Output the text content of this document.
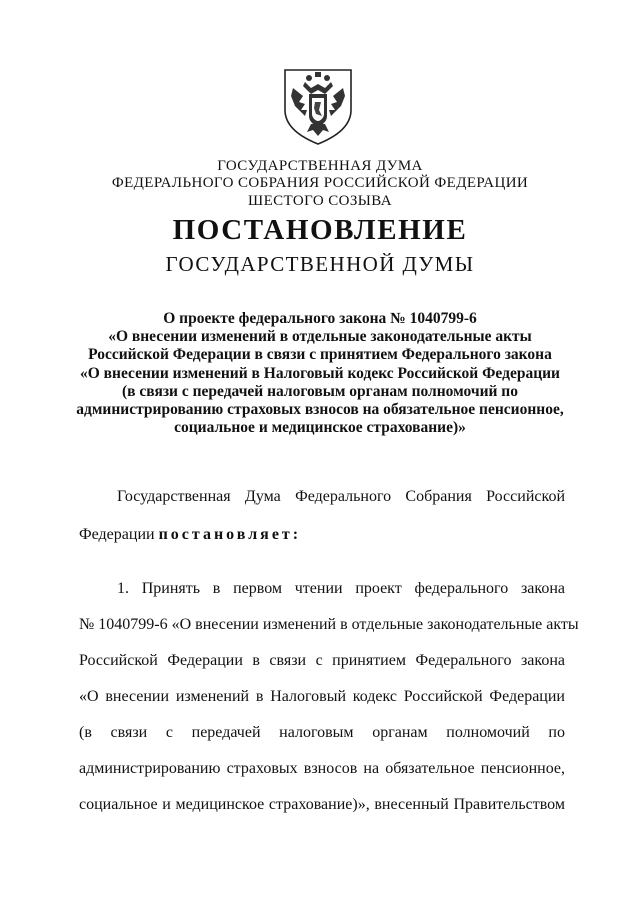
ГОСУДАРСТВЕННАЯ ДУМА
ФЕДЕРАЛЬНОГО СОБРАНИЯ РОССИЙСКОЙ ФЕДЕРАЦИИ
ШЕСТОГО СОЗЫВА
ПОСТАНОВЛЕНИЕ
ГОСУДАРСТВЕННОЙ ДУМЫ
О проекте федерального закона № 1040799-6
«О внесении изменений в отдельные законодательные акты
Российской Федерации в связи с принятием Федерального закона
«О внесении изменений в Налоговый кодекс Российской Федерации
(в связи с передачей налоговым органам полномочий по
администрированию страховых взносов на обязательное пенсионное,
социальное и медицинское страхование)»
Государственная Дума Федерального Собрания Российской
Федерации постановляет:
1. Принять в первом чтении проект федерального закона
№ 1040799-6 «О внесении изменений в отдельные законодательные акты
Российской Федерации в связи с принятием Федерального закона
«О внесении изменений в Налоговый кодекс Российской Федерации
(в связи с передачей налоговым органам полномочий по
администрированию страховых взносов на обязательное пенсионное,
социальное и медицинское страхование)», внесенный Правительством
